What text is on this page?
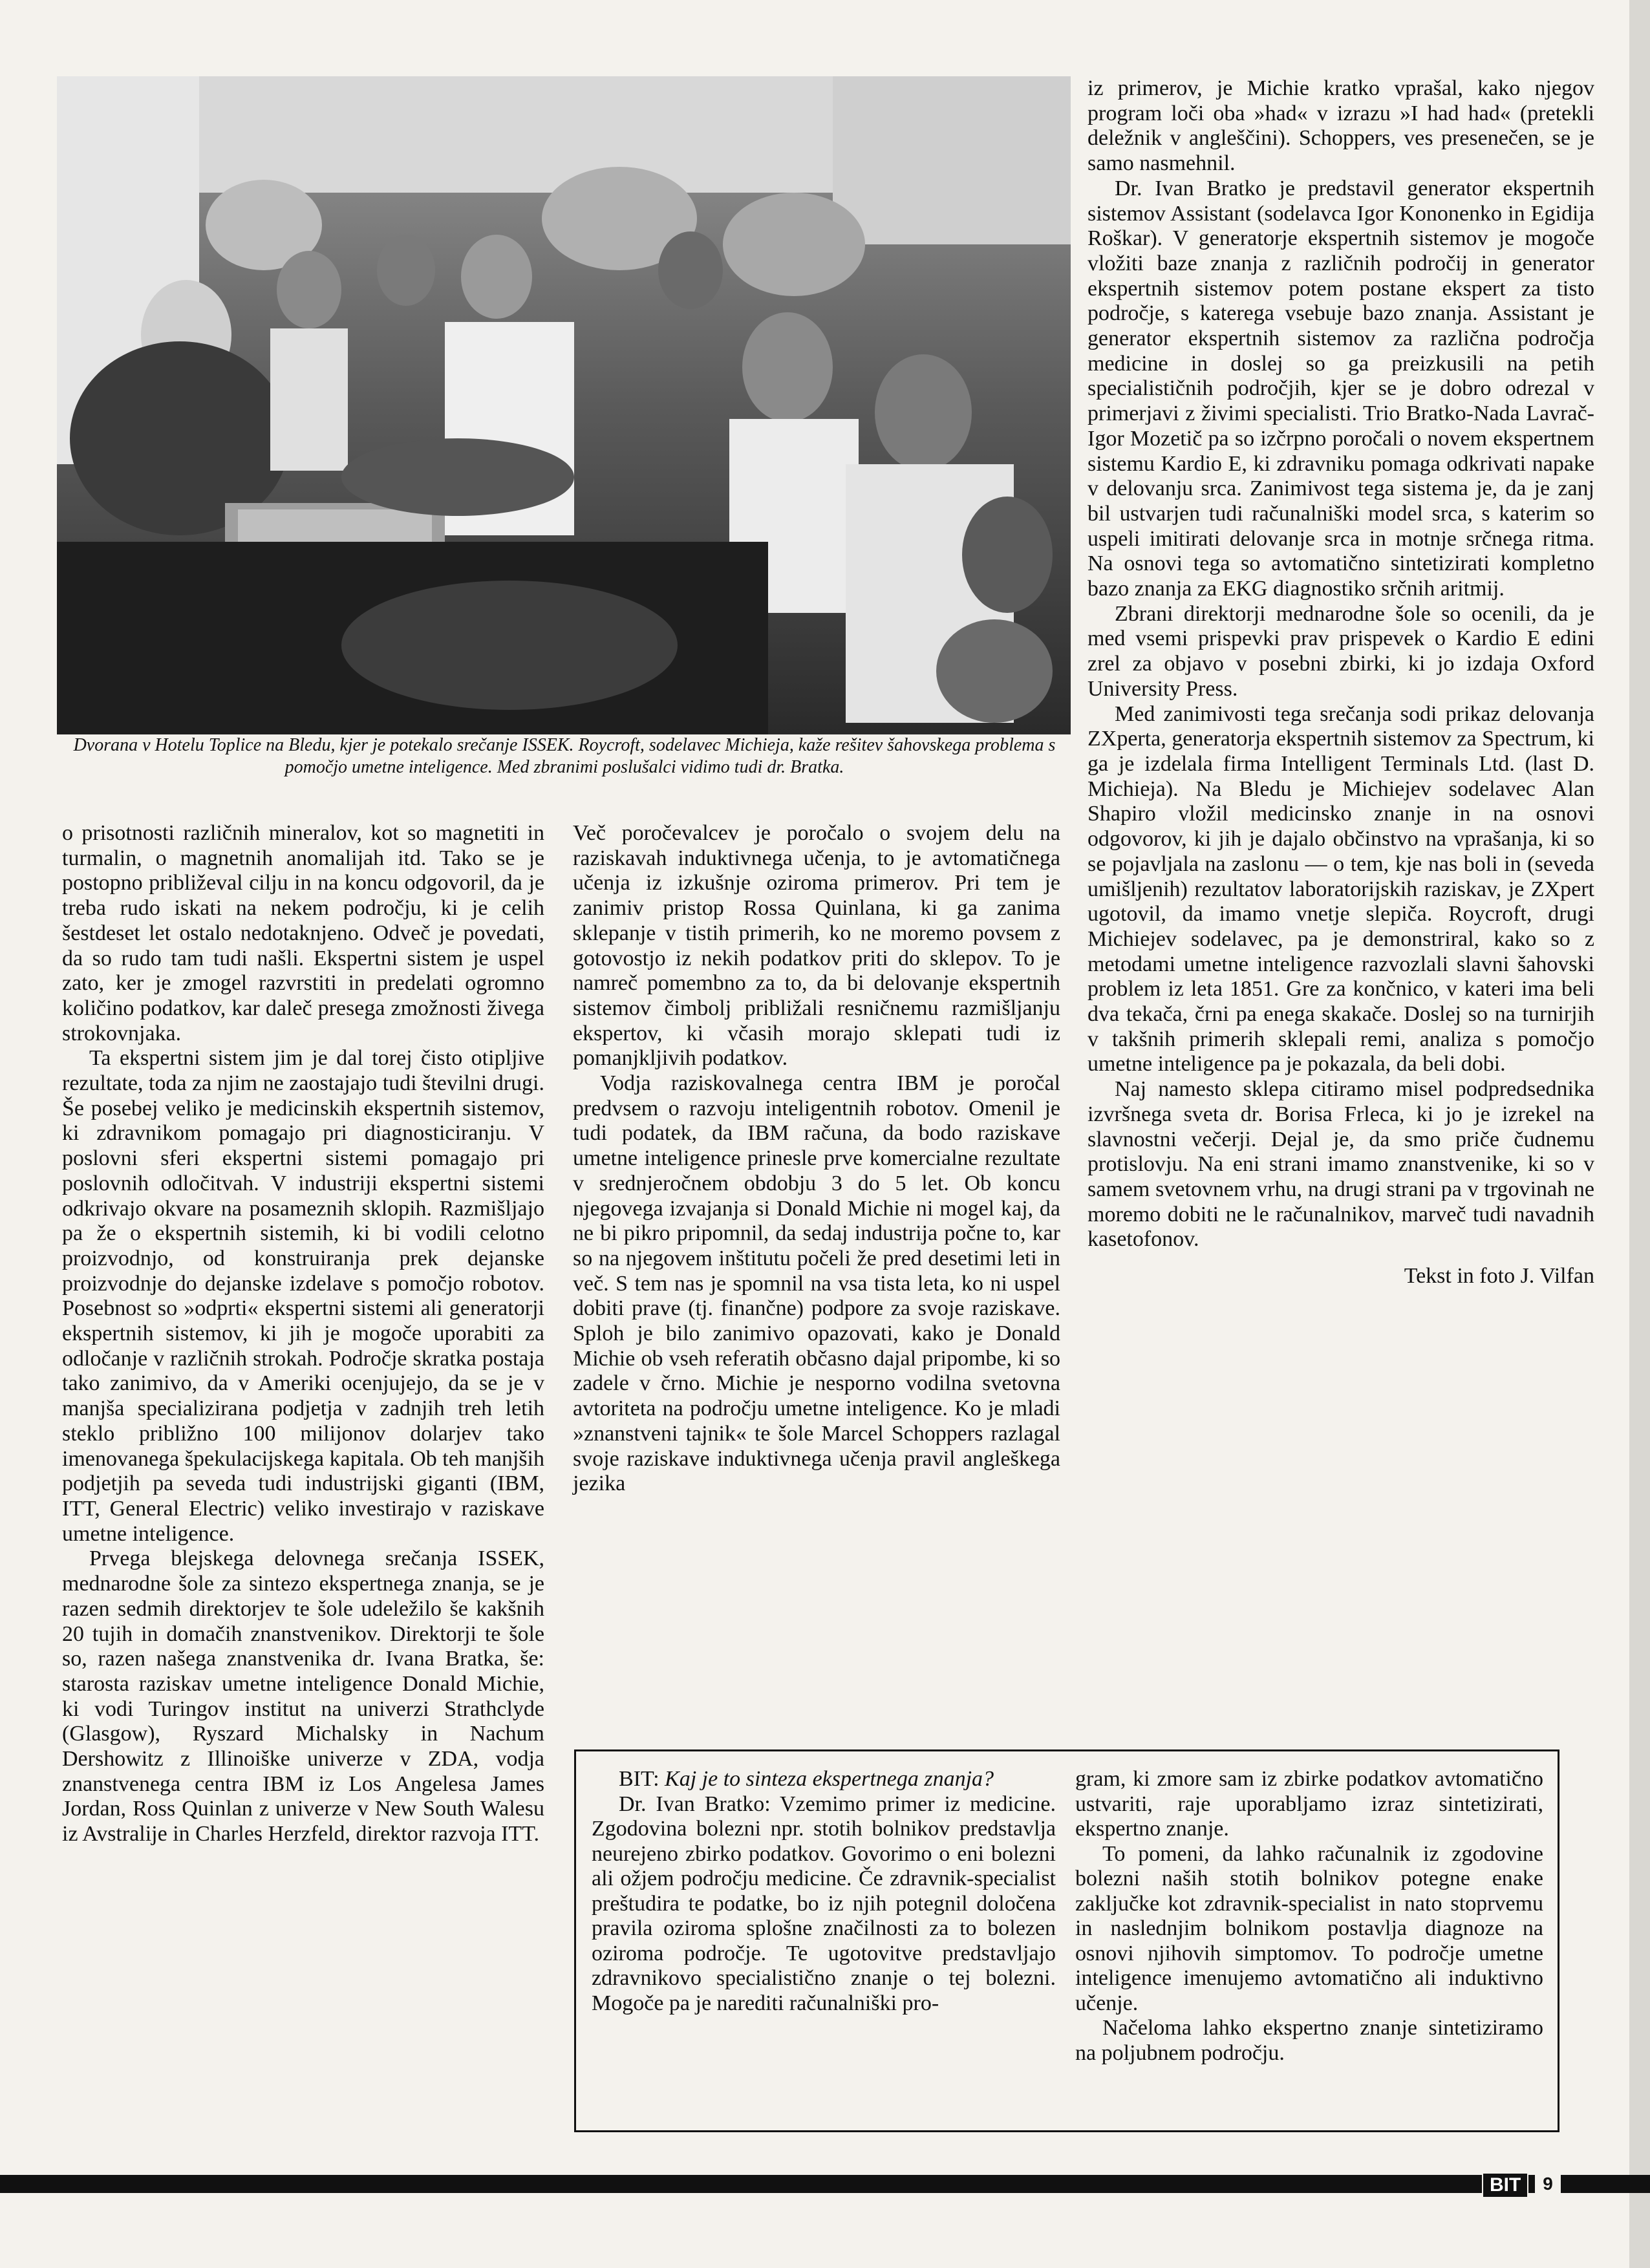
Dvorana v Hotelu Toplice na Bledu, kjer je potekalo srečanje ISSEK. Roycroft, sodelavec Michieja, kaže rešitev šahovskega problema s pomočjo umetne inteligence. Med zbranimi poslušalci vidimo tudi dr. Bratka.

o prisotnosti različnih mineralov, kot so magnetiti in turmalin, o magnetnih anomalijah itd. Tako se je postopno približeval cilju in na koncu odgovoril, da je treba rudo iskati na nekem področju, ki je celih šestdeset let ostalo nedotaknjeno. Odveč je povedati, da so rudo tam tudi našli. Ekspertni sistem je uspel zato, ker je zmogel razvrstiti in predelati ogromno količino podatkov, kar daleč presega zmožnosti živega strokovnjaka.

Ta ekspertni sistem jim je dal torej čisto otipljive rezultate, toda za njim ne zaostajajo tudi številni drugi. Še posebej veliko je medicinskih ekspertnih sistemov, ki zdravnikom pomagajo pri diagnosticiranju. V poslovni sferi ekspertni sistemi pomagajo pri poslovnih odločitvah. V industriji ekspertni sistemi odkrivajo okvare na posameznih sklopih. Razmišljajo pa že o ekspertnih sistemih, ki bi vodili celotno proizvodnjo, od konstruiranja prek dejanske proizvodnje do dejanske izdelave s pomočjo robotov. Posebnost so »odprti« ekspertni sistemi ali generatorji ekspertnih sistemov, ki jih je mogoče uporabiti za odločanje v različnih strokah. Področje skratka postaja tako zanimivo, da v Ameriki ocenjujejo, da se je v manjša specializirana podjetja v zadnjih treh letih steklo približno 100 milijonov dolarjev tako imenovanega špekulacijskega kapitala. Ob teh manjših podjetjih pa seveda tudi industrijski giganti (IBM, ITT, General Electric) veliko investirajo v raziskave umetne inteligence.

Prvega blejskega delovnega srečanja ISSEK, mednarodne šole za sintezo ekspertnega znanja, se je razen sedmih direktorjev te šole udeležilo še kakšnih 20 tujih in domačih znanstvenikov. Direktorji te šole so, razen našega znanstvenika dr. Ivana Bratka, še: starosta raziskav umetne inteligence Donald Michie, ki vodi Turingov institut na univerzi Strathclyde (Glasgow), Ryszard Michalsky in Nachum Dershowitz z Illinoiške univerze v ZDA, vodja znanstvenega centra IBM iz Los Angelesa James Jordan, Ross Quinlan z univerze v New South Walesu iz Avstralije in Charles Herzfeld, direktor razvoja ITT.

Več poročevalcev je poročalo o svojem delu na raziskavah induktivnega učenja, to je avtomatičnega učenja iz izkušnje oziroma primerov. Pri tem je zanimiv pristop Rossa Quinlana, ki ga zanima sklepanje v tistih primerih, ko ne moremo povsem z gotovostjo iz nekih podatkov priti do sklepov. To je namreč pomembno za to, da bi delovanje ekspertnih sistemov čimbolj približali resničnemu razmišljanju ekspertov, ki včasih morajo sklepati tudi iz pomanjkljivih podatkov.

Vodja raziskovalnega centra IBM je poročal predvsem o razvoju inteligentnih robotov. Omenil je tudi podatek, da IBM računa, da bodo raziskave umetne inteligence prinesle prve komercialne rezultate v srednjeročnem obdobju 3 do 5 let. Ob koncu njegovega izvajanja si Donald Michie ni mogel kaj, da ne bi pikro pripomnil, da sedaj industrija počne to, kar so na njegovem inštitutu počeli že pred desetimi leti in več. S tem nas je spomnil na vsa tista leta, ko ni uspel dobiti prave (tj. finančne) podpore za svoje raziskave. Sploh je bilo zanimivo opazovati, kako je Donald Michie ob vseh referatih občasno dajal pripombe, ki so zadele v črno. Michie je nesporno vodilna svetovna avtoriteta na področju umetne inteligence. Ko je mladi »znanstveni tajnik« te šole Marcel Schoppers razlagal svoje raziskave induktivnega učenja pravil angleškega jezika

iz primerov, je Michie kratko vprašal, kako njegov program loči oba »had« v izrazu »I had had« (pretekli deležnik v angleščini). Schoppers, ves presenečen, se je samo nasmehnil.

Dr. Ivan Bratko je predstavil generator ekspertnih sistemov Assistant (sodelavca Igor Kononenko in Egidija Roškar). V generatorje ekspertnih sistemov je mogoče vložiti baze znanja z različnih področij in generator ekspertnih sistemov potem postane ekspert za tisto področje, s katerega vsebuje bazo znanja. Assistant je generator ekspertnih sistemov za različna področja medicine in doslej so ga preizkusili na petih specialističnih področjih, kjer se je dobro odrezal v primerjavi z živimi specialisti. Trio Bratko-Nada Lavrač-Igor Mozetič pa so izčrpno poročali o novem ekspertnem sistemu Kardio E, ki zdravniku pomaga odkrivati napake v delovanju srca. Zanimivost tega sistema je, da je zanj bil ustvarjen tudi računalniški model srca, s katerim so uspeli imitirati delovanje srca in motnje srčnega ritma. Na osnovi tega so avtomatično sintetizirati kompletno bazo znanja za EKG diagnostiko srčnih aritmij.

Zbrani direktorji mednarodne šole so ocenili, da je med vsemi prispevki prav prispevek o Kardio E edini zrel za objavo v posebni zbirki, ki jo izdaja Oxford University Press.

Med zanimivosti tega srečanja sodi prikaz delovanja ZXperta, generatorja ekspertnih sistemov za Spectrum, ki ga je izdelala firma Intelligent Terminals Ltd. (last D. Michieja). Na Bledu je Michiejev sodelavec Alan Shapiro vložil medicinsko znanje in na osnovi odgovorov, ki jih je dajalo občinstvo na vprašanja, ki so se pojavljala na zaslonu — o tem, kje nas boli in (seveda umišljenih) rezultatov laboratorijskih raziskav, je ZXpert ugotovil, da imamo vnetje slepiča. Roycroft, drugi Michiejev sodelavec, pa je demonstriral, kako so z metodami umetne inteligence razvozlali slavni šahovski problem iz leta 1851. Gre za končnico, v kateri ima beli dva tekača, črni pa enega skakače. Doslej so na turnirjih v takšnih primerih sklepali remi, analiza s pomočjo umetne inteligence pa je pokazala, da beli dobi.

Naj namesto sklepa citiramo misel podpredsednika izvršnega sveta dr. Borisa Frleca, ki jo je izrekel na slavnostni večerji. Dejal je, da smo priče čudnemu protislovju. Na eni strani imamo znanstvenike, ki so v samem svetovnem vrhu, na drugi strani pa v trgovinah ne moremo dobiti ne le računalnikov, marveč tudi navadnih kasetofonov.

Tekst in foto J. Vilfan

BIT: Kaj je to sinteza ekspertnega znanja?

Dr. Ivan Bratko: Vzemimo primer iz medicine. Zgodovina bolezni npr. stotih bolnikov predstavlja neurejeno zbirko podatkov. Govorimo o eni bolezni ali ožjem področju medicine. Če zdravnik-specialist preštudira te podatke, bo iz njih potegnil določena pravila oziroma splošne značilnosti za to bolezen oziroma področje. Te ugotovitve predstavljajo zdravnikovo specialistično znanje o tej bolezni. Mogoče pa je narediti računalniški pro-

gram, ki zmore sam iz zbirke podatkov avtomatično ustvariti, raje uporabljamo izraz sintetizirati, ekspertno znanje.

To pomeni, da lahko računalnik iz zgodovine bolezni naših stotih bolnikov potegne enake zaključke kot zdravnik-specialist in nato stoprvemu in naslednjim bolnikom postavlja diagnoze na osnovi njihovih simptomov. To področje umetne inteligence imenujemo avtomatično ali induktivno učenje.

Načeloma lahko ekspertno znanje sintetiziramo na poljubnem področju.

BIT	9
